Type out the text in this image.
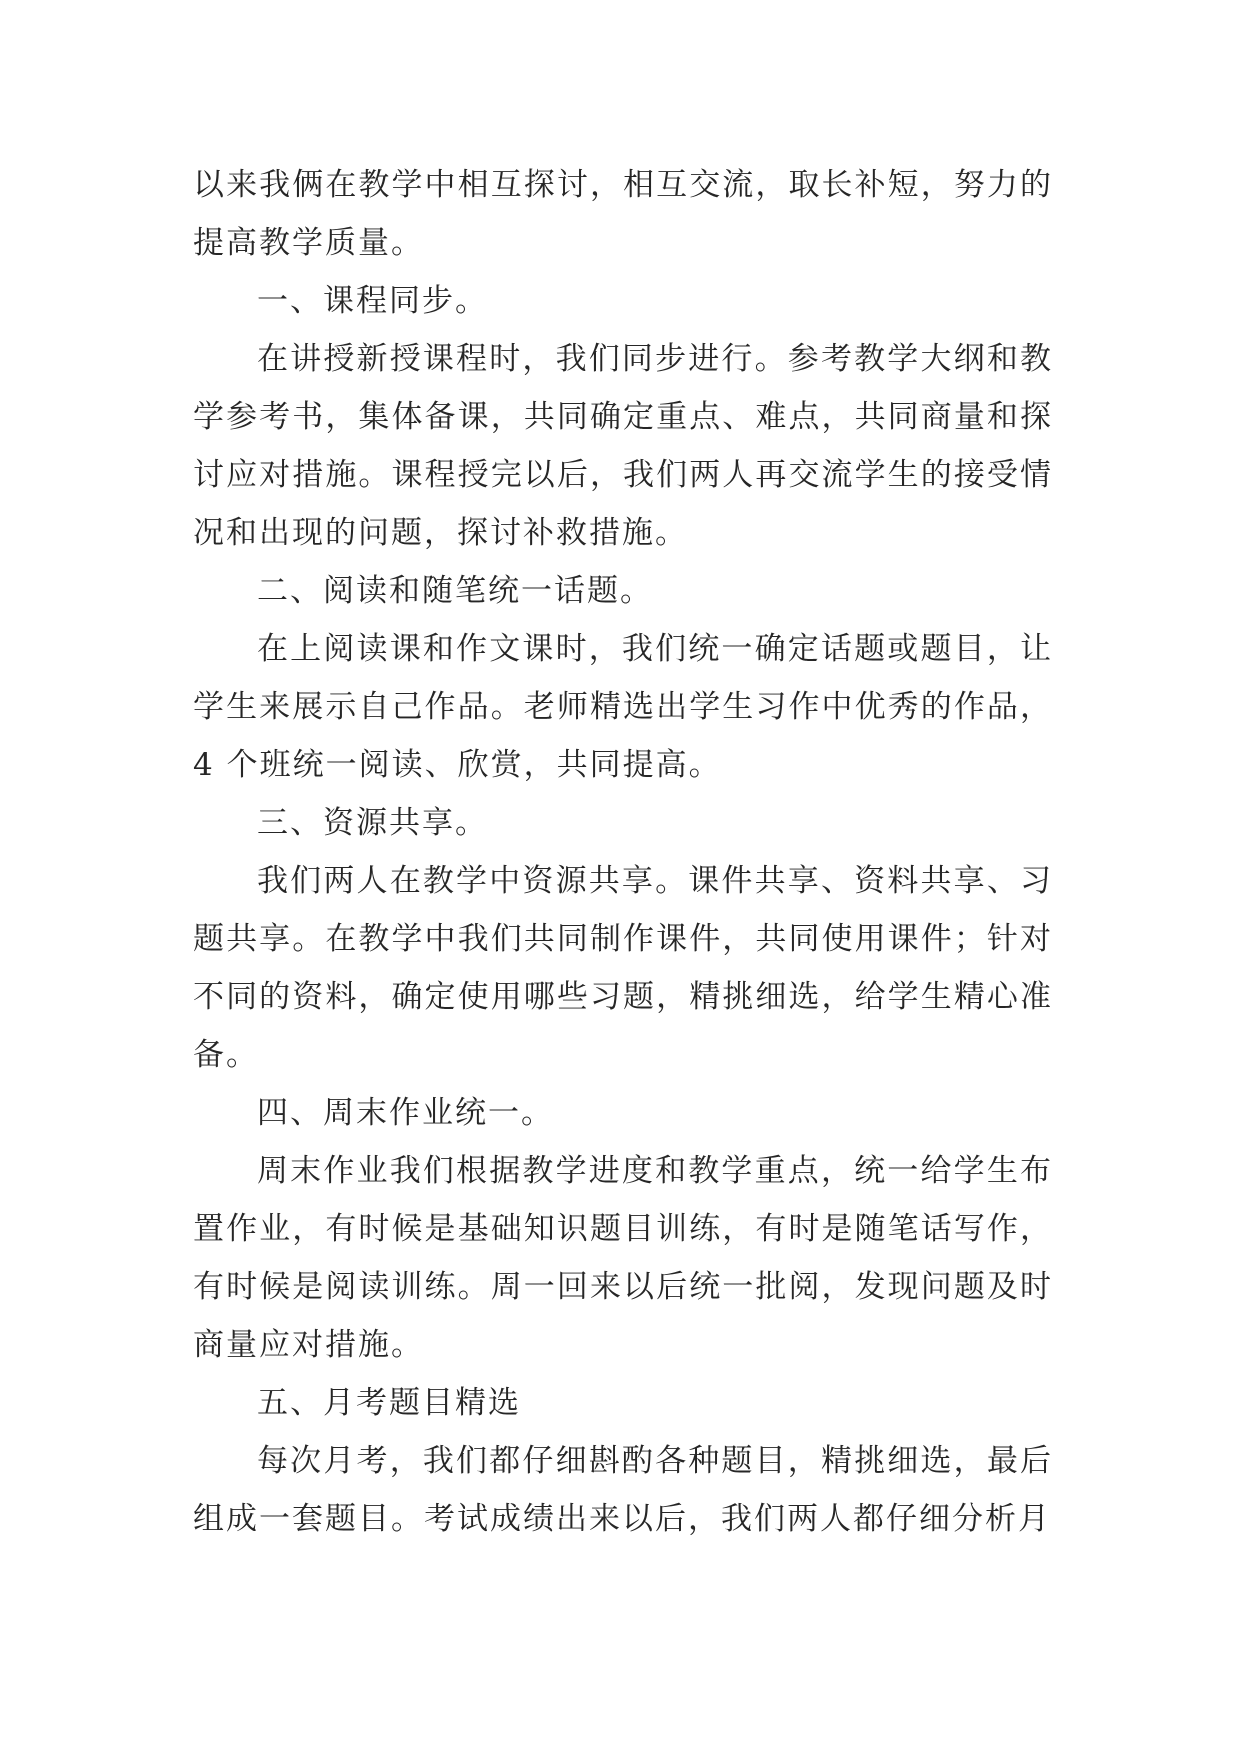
以来我俩在教学中相互探讨，相互交流，取长补短，努力的提高教学质量。

一、课程同步。

在讲授新授课程时，我们同步进行。参考教学大纲和教学参考书，集体备课，共同确定重点、难点，共同商量和探讨应对措施。课程授完以后，我们两人再交流学生的接受情况和出现的问题，探讨补救措施。

二、阅读和随笔统一话题。

在上阅读课和作文课时，我们统一确定话题或题目，让学生来展示自己作品。老师精选出学生习作中优秀的作品，4 个班统一阅读、欣赏，共同提高。

三、资源共享。

我们两人在教学中资源共享。课件共享、资料共享、习题共享。在教学中我们共同制作课件，共同使用课件；针对不同的资料，确定使用哪些习题，精挑细选，给学生精心准备。

四、周末作业统一。

周末作业我们根据教学进度和教学重点，统一给学生布置作业，有时候是基础知识题目训练，有时是随笔话写作，有时候是阅读训练。周一回来以后统一批阅，发现问题及时商量应对措施。

五、月考题目精选

每次月考，我们都仔细斟酌各种题目，精挑细选，最后组成一套题目。考试成绩出来以后，我们两人都仔细分析月
